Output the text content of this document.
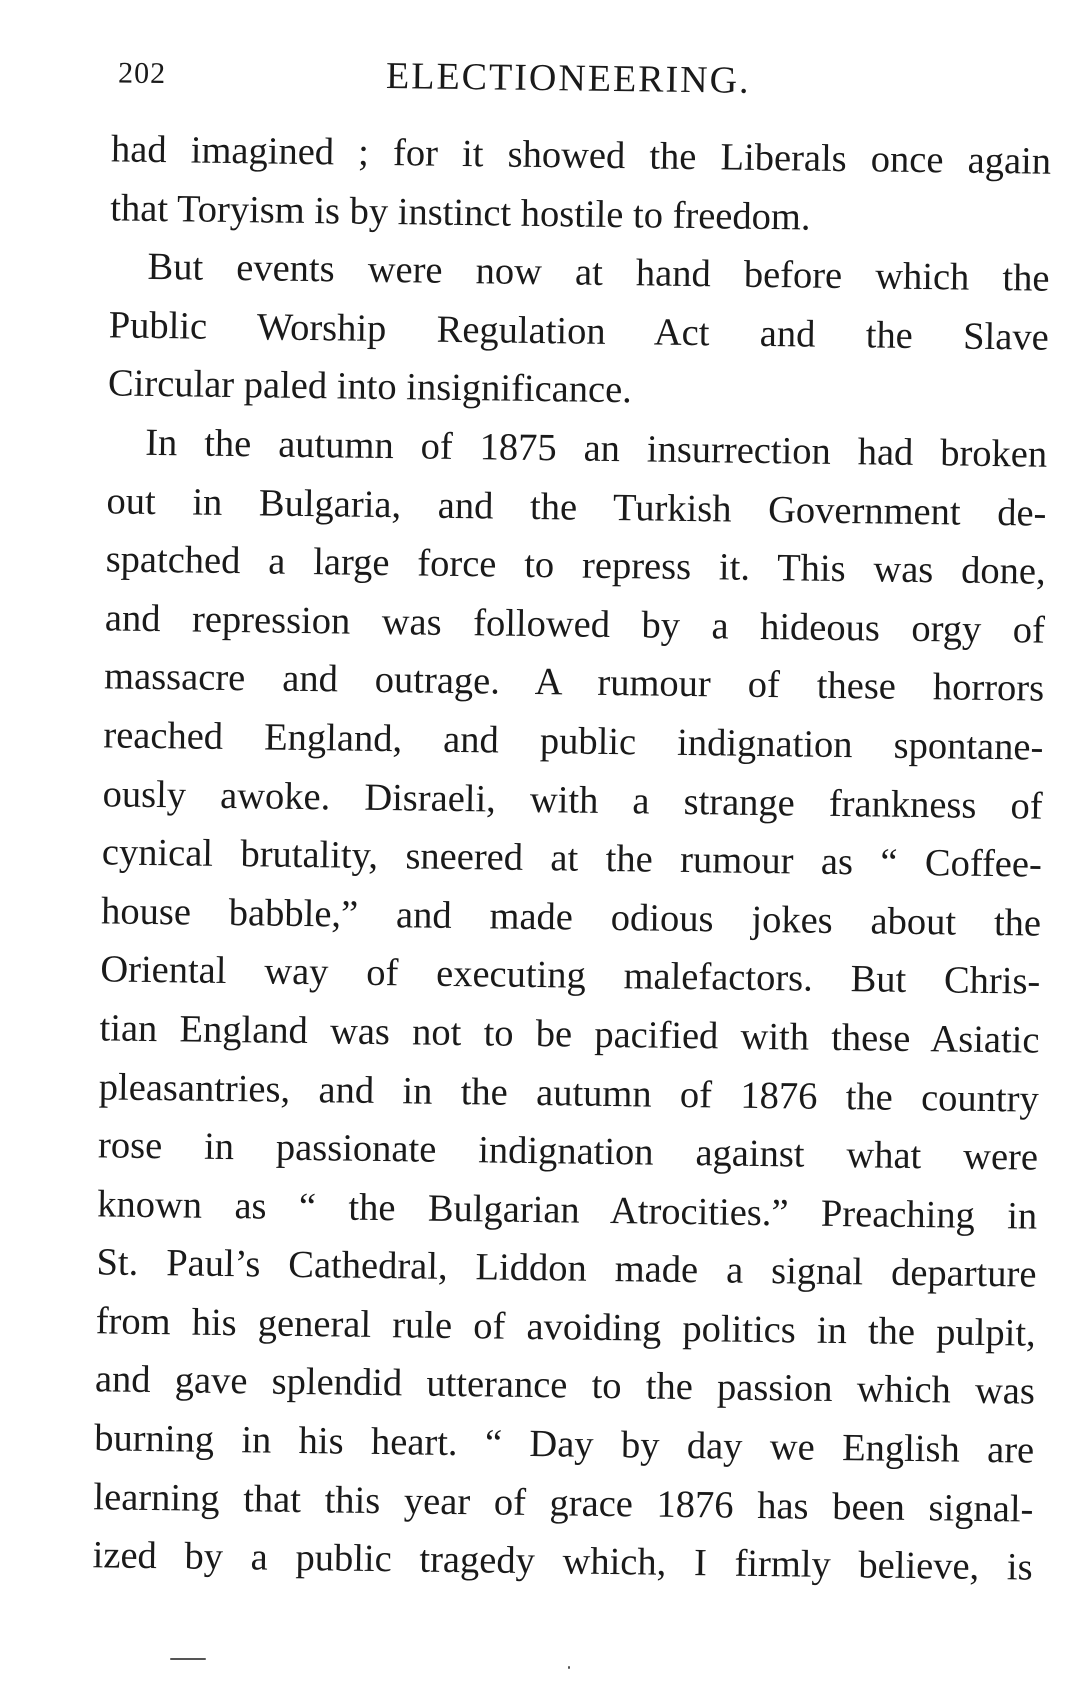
202	ELECTIONEERING.
had imagined ; for it showed the Liberals once again
that Toryism is by instinct hostile to freedom.
But events were now at hand before which the
Public Worship Regulation Act and the Slave
Circular paled into insignificance.
In the autumn of 1875 an insurrection had broken
out in Bulgaria, and the Turkish Government de-
spatched a large force to repress it. This was done,
and repression was followed by a hideous orgy of
massacre and outrage. A rumour of these horrors
reached England, and public indignation spontane-
ously awoke. Disraeli, with a strange frankness of
cynical brutality, sneered at the rumour as “ Coffee-
house babble,” and made odious jokes about the
Oriental way of executing malefactors. But Chris-
tian England was not to be pacified with these Asiatic
pleasantries, and in the autumn of 1876 the country
rose in passionate indignation against what were
known as “ the Bulgarian Atrocities.” Preaching in
St. Paul’s Cathedral, Liddon made a signal departure
from his general rule of avoiding politics in the pulpit,
and gave splendid utterance to the passion which was
burning in his heart. “ Day by day we English are
learning that this year of grace 1876 has been signal-
ized by a public tragedy which, I firmly believe, is
